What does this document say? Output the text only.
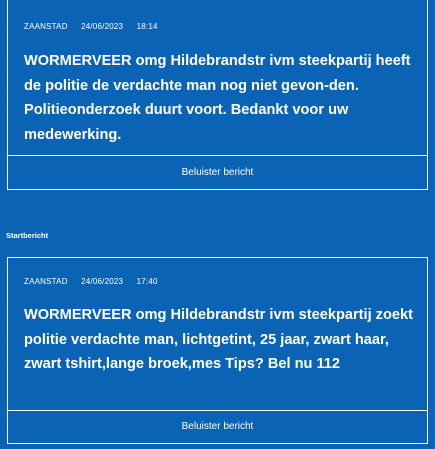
ZAANSTAD 24/06/2023 18:14

WORMERVEER omg Hildebrandstr ivm steekpartij heeft de politie de verdachte man nog niet gevon-den. Politieonderzoek duurt voort. Bedankt voor uw medewerking.

Beluister bericht
Startbericht
ZAANSTAD 24/06/2023 17:40

WORMERVEER omg Hildebrandstr ivm steekpartij zoekt politie verdachte man, lichtgetint, 25 jaar, zwart haar, zwart tshirt,lange broek,mes Tips? Bel nu 112

Beluister bericht
